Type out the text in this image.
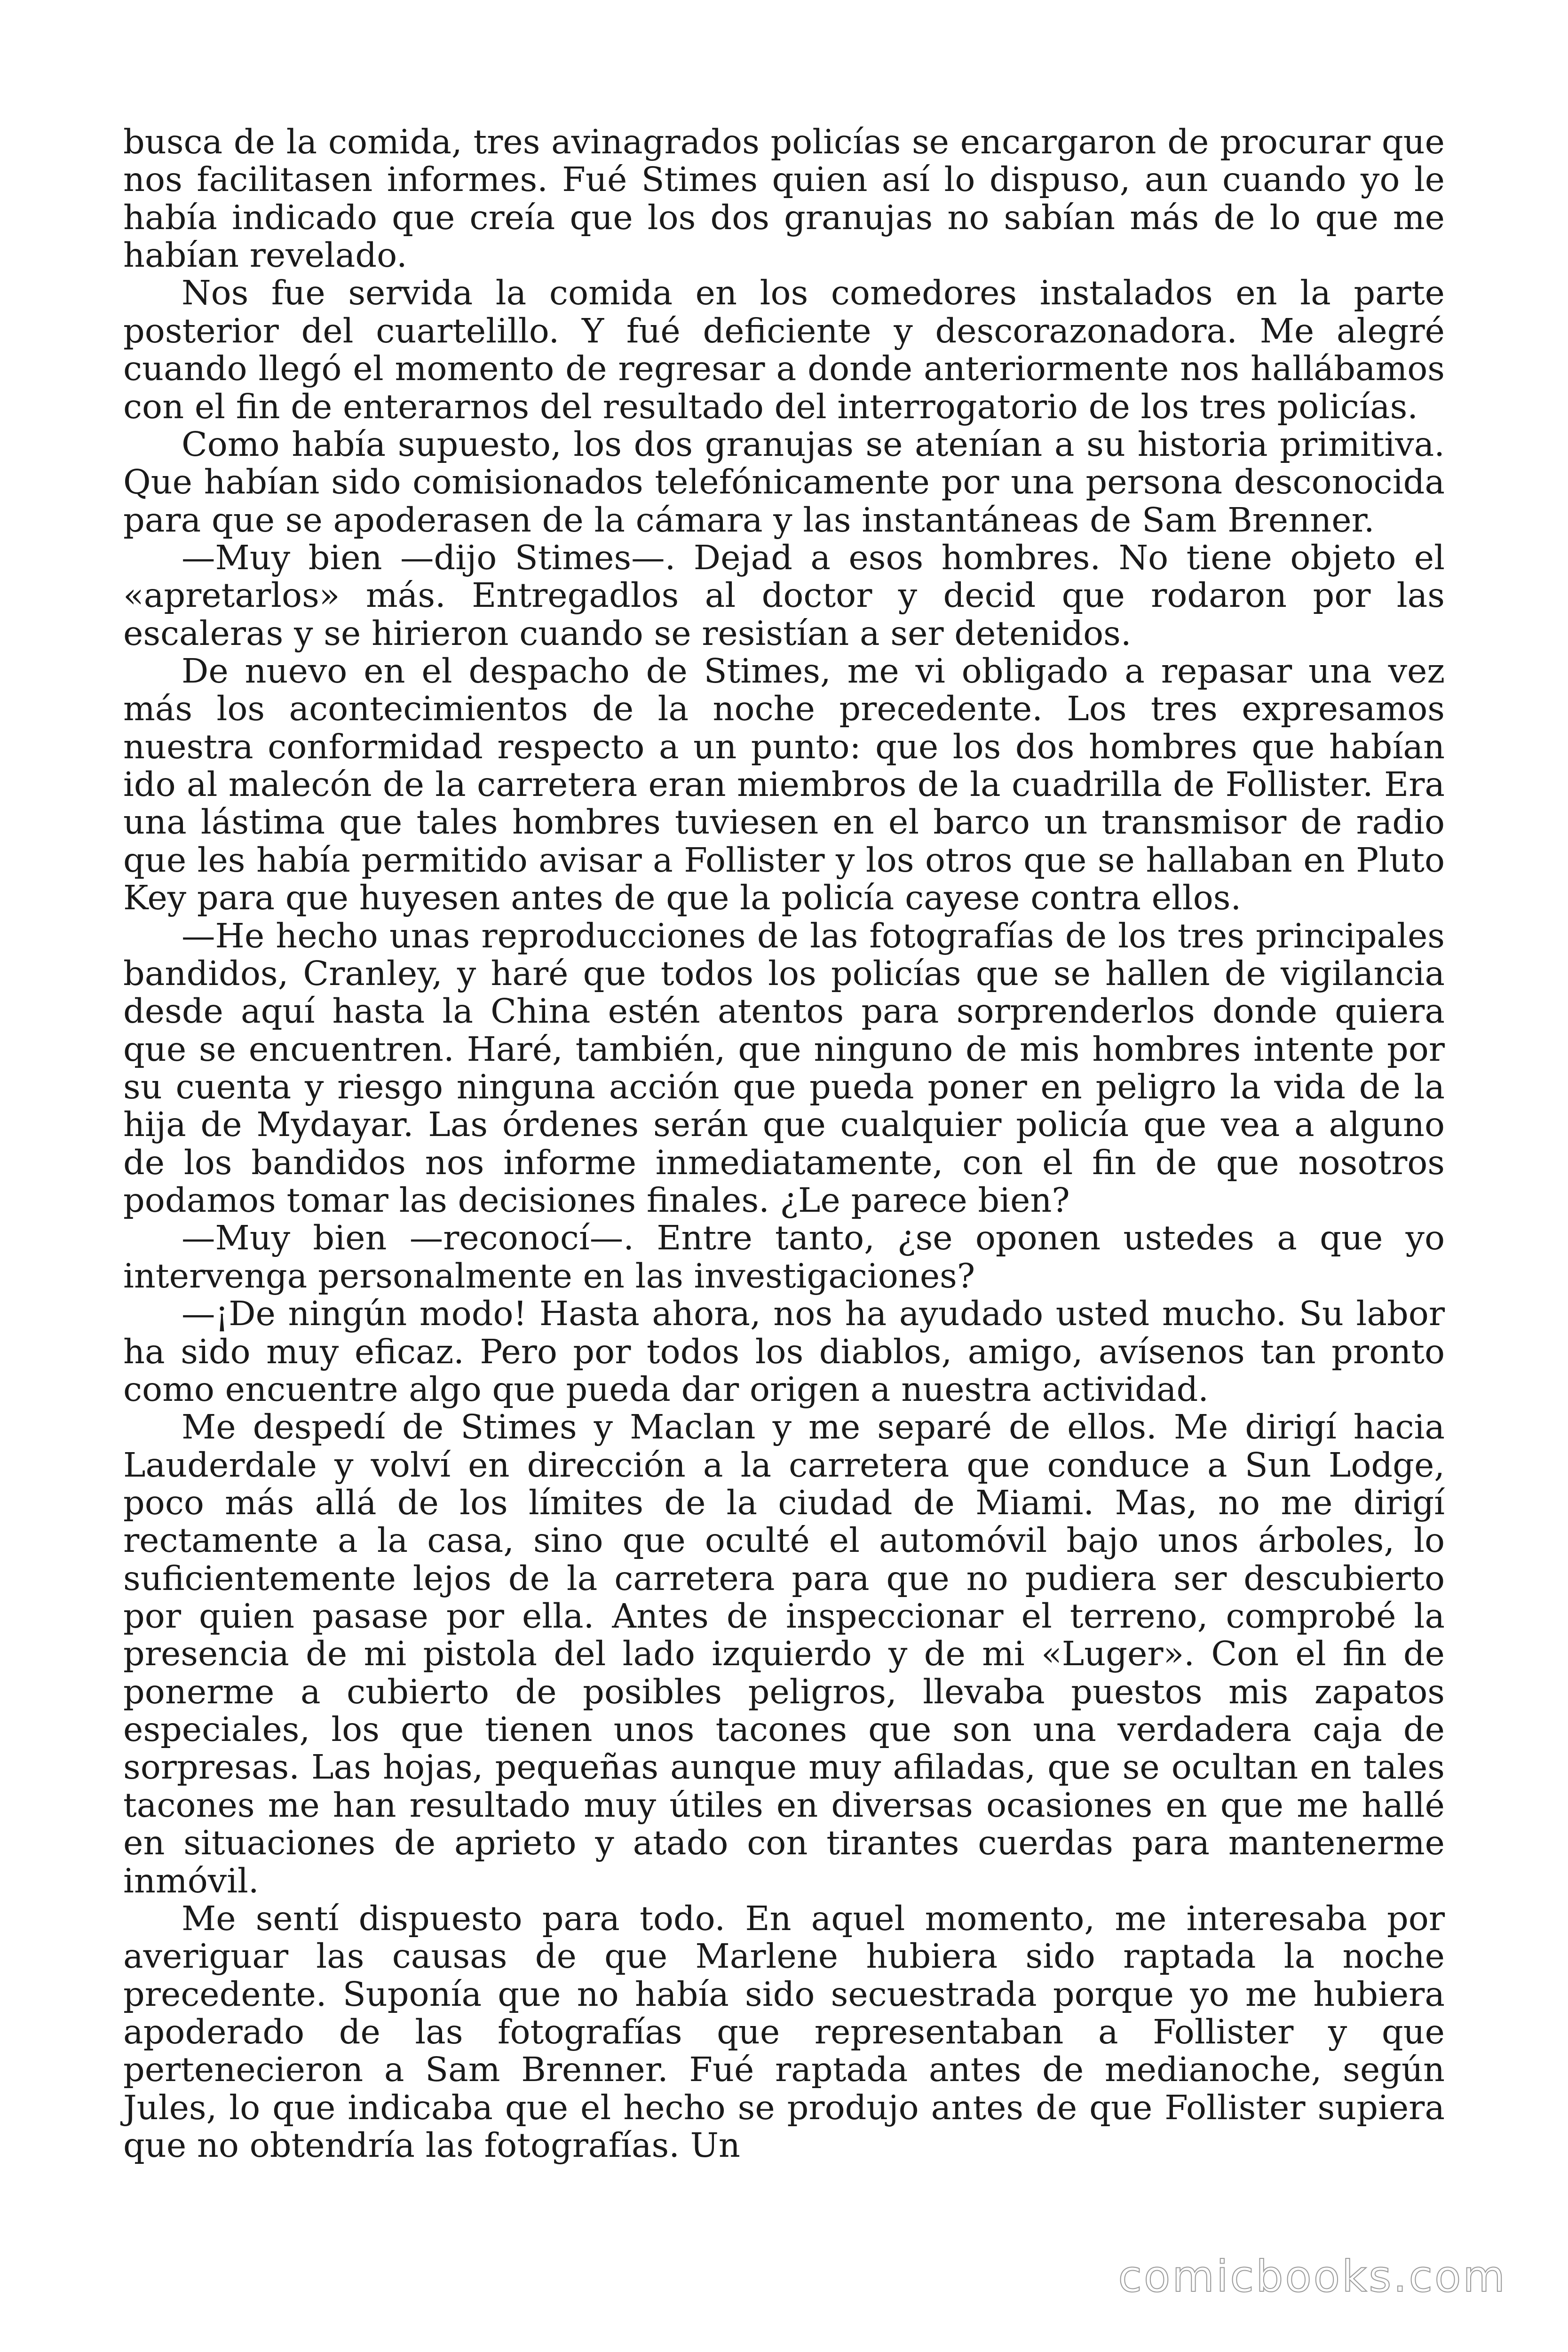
busca de la comida, tres avinagrados policías se encargaron de procurar que nos facilitasen informes. Fué Stimes quien así lo dispuso, aun cuando yo le había indicado que creía que los dos granujas no sabían más de lo que me habían revelado.

Nos fue servida la comida en los comedores instalados en la parte posterior del cuartelillo. Y fué deficiente y descorazonadora. Me alegré cuando llegó el momento de regresar a donde anteriormente nos hallábamos con el fin de enterarnos del resultado del interrogatorio de los tres policías.

Como había supuesto, los dos granujas se atenían a su historia primitiva. Que habían sido comisionados telefónicamente por una persona desconocida para que se apoderasen de la cámara y las instantáneas de Sam Brenner.

—Muy bien —dijo Stimes—. Dejad a esos hombres. No tiene objeto el «apretarlos» más. Entregadlos al doctor y decid que rodaron por las escaleras y se hirieron cuando se resistían a ser detenidos.

De nuevo en el despacho de Stimes, me vi obligado a repasar una vez más los acontecimientos de la noche precedente. Los tres expresamos nuestra conformidad respecto a un punto: que los dos hombres que habían ido al malecón de la carretera eran miembros de la cuadrilla de Follister. Era una lástima que tales hombres tuviesen en el barco un transmisor de radio que les había permitido avisar a Follister y los otros que se hallaban en Pluto Key para que huyesen antes de que la policía cayese contra ellos.

—He hecho unas reproducciones de las fotografías de los tres principales bandidos, Cranley, y haré que todos los policías que se hallen de vigilancia desde aquí hasta la China estén atentos para sorprenderlos donde quiera que se encuentren. Haré, también, que ninguno de mis hombres intente por su cuenta y riesgo ninguna acción que pueda poner en peligro la vida de la hija de Mydayar. Las órdenes serán que cualquier policía que vea a alguno de los bandidos nos informe inmediatamente, con el fin de que nosotros podamos tomar las decisiones finales. ¿Le parece bien?

—Muy bien —reconocí—. Entre tanto, ¿se oponen ustedes a que yo intervenga personalmente en las investigaciones?

—¡De ningún modo! Hasta ahora, nos ha ayudado usted mucho. Su labor ha sido muy eficaz. Pero por todos los diablos, amigo, avísenos tan pronto como encuentre algo que pueda dar origen a nuestra actividad.

Me despedí de Stimes y Maclan y me separé de ellos. Me dirigí hacia Lauderdale y volví en dirección a la carretera que conduce a Sun Lodge, poco más allá de los límites de la ciudad de Miami. Mas, no me dirigí rectamente a la casa, sino que oculté el automóvil bajo unos árboles, lo suficientemente lejos de la carretera para que no pudiera ser descubierto por quien pasase por ella. Antes de inspeccionar el terreno, comprobé la presencia de mi pistola del lado izquierdo y de mi «Luger». Con el fin de ponerme a cubierto de posibles peligros, llevaba puestos mis zapatos especiales, los que tienen unos tacones que son una verdadera caja de sorpresas. Las hojas, pequeñas aunque muy afiladas, que se ocultan en tales tacones me han resultado muy útiles en diversas ocasiones en que me hallé en situaciones de aprieto y atado con tirantes cuerdas para mantenerme inmóvil.

Me sentí dispuesto para todo. En aquel momento, me interesaba por averiguar las causas de que Marlene hubiera sido raptada la noche precedente. Suponía que no había sido secuestrada porque yo me hubiera apoderado de las fotografías que representaban a Follister y que pertenecieron a Sam Brenner. Fué raptada antes de medianoche, según Jules, lo que indicaba que el hecho se produjo antes de que Follister supiera que no obtendría las fotografías. Un

comicbooks.com
